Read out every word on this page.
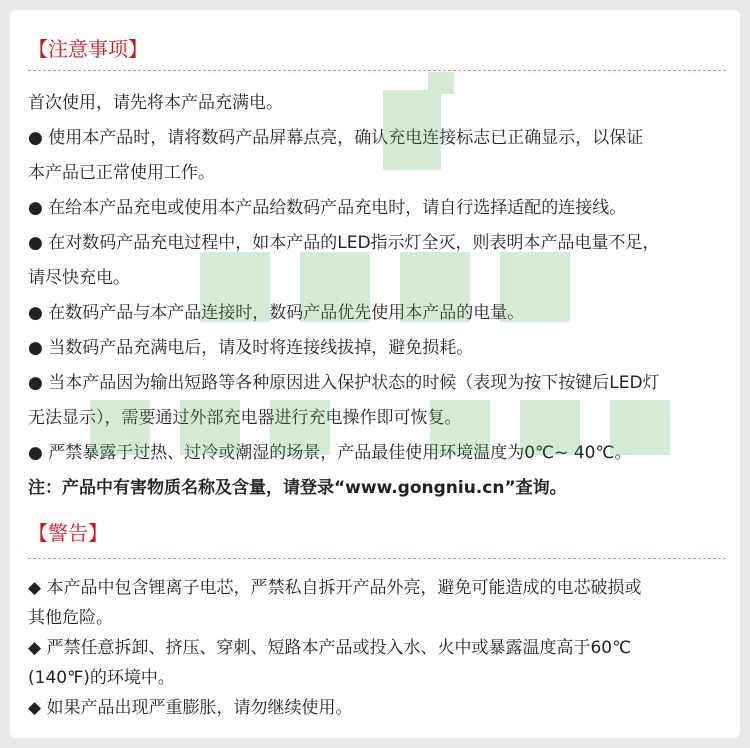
【注意事项】
首次使用，请先将本产品充满电。
● 使用本产品时，请将数码产品屏幕点亮，确认充电连接标志已正确显示，以保证
本产品已正常使用工作。
● 在给本产品充电或使用本产品给数码产品充电时，请自行选择适配的连接线。
● 在对数码产品充电过程中，如本产品的LED指示灯全灭，则表明本产品电量不足，
请尽快充电。
● 在数码产品与本产品连接时，数码产品优先使用本产品的电量。
● 当数码产品充满电后，请及时将连接线拔掉，避免损耗。
● 当本产品因为输出短路等各种原因进入保护状态的时候（表现为按下按键后LED灯
无法显示），需要通过外部充电器进行充电操作即可恢复。
● 严禁暴露于过热、过冷或潮湿的场景，产品最佳使用环境温度为0℃~ 40℃。
注：产品中有害物质名称及含量，请登录“www.gongniu.cn”查询。
【警告】
◆ 本产品中包含锂离子电芯，严禁私自拆开产品外亮，避免可能造成的电芯破损或
其他危险。
◆ 严禁任意拆卸、挤压、穿刺、短路本产品或投入水、火中或暴露温度高于60℃
(140℉)的环境中。
◆ 如果产品出现严重膨胀，请勿继续使用。
